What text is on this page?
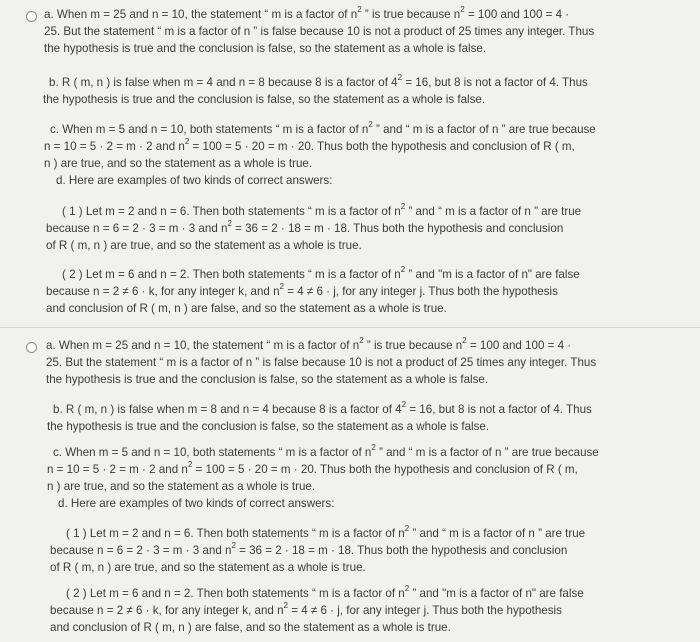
a. When m = 25 and n = 10, the statement “ m is a factor of $n^2$ ” is true because $n^2 = 100$ and 100 = 4 ·
25. But the statement “ m is a factor of n ” is false because 10 is not a product of 25 times any integer. Thus
the hypothesis is true and the conclusion is false, so the statement as a whole is false.

b. R ( m, n ) is false when m = 4 and n = 8 because 8 is a factor of $4^2 = 16$, but 8 is not a factor of 4. Thus
the hypothesis is true and the conclusion is false, so the statement as a whole is false.

c. When m = 5 and n = 10, both statements “ m is a factor of $n^2$ ” and “ m is a factor of n ” are true because
n = 10 = 5 · 2 = m · 2 and $n^2 = 100 = 5 \cdot 20 = m \cdot 20$. Thus both the hypothesis and conclusion of R ( m,
n ) are true, and so the statement as a whole is true.

d. Here are examples of two kinds of correct answers:

( 1 ) Let m = 2 and n = 6. Then both statements “ m is a factor of $n^2$ ” and “ m is a factor of n ” are true
because n = 6 = 2 · 3 = m · 3 and $n^2 = 36 = 2 \cdot 18 = m \cdot 18$. Thus both the hypothesis and conclusion
of R ( m, n ) are true, and so the statement as a whole is true.

( 2 ) Let m = 6 and n = 2. Then both statements “ m is a factor of $n^2$ ” and "m is a factor of n" are false
because n = 2 ≠ 6 · k, for any integer k, and $n^2 = 4 \ne 6 \cdot j$, for any integer j. Thus both the hypothesis
and conclusion of R ( m, n ) are false, and so the statement as a whole is true.

a. When m = 25 and n = 10, the statement “ m is a factor of $n^2$ ” is true because $n^2 = 100$ and 100 = 4 ·
25. But the statement “ m is a factor of n ” is false because 10 is not a product of 25 times any integer. Thus
the hypothesis is true and the conclusion is false, so the statement as a whole is false.

b. R ( m, n ) is false when m = 8 and n = 4 because 8 is a factor of $4^2 = 16$, but 8 is not a factor of 4. Thus
the hypothesis is true and the conclusion is false, so the statement as a whole is false.

c. When m = 5 and n = 10, both statements “ m is a factor of $n^2$ ” and “ m is a factor of n ” are true because
n = 10 = 5 · 2 = m · 2 and $n^2 = 100 = 5 \cdot 20 = m \cdot 20$. Thus both the hypothesis and conclusion of R ( m,
n ) are true, and so the statement as a whole is true.

d. Here are examples of two kinds of correct answers:

( 1 ) Let m = 2 and n = 6. Then both statements “ m is a factor of $n^2$ ” and “ m is a factor of n ” are true
because n = 6 = 2 · 3 = m · 3 and $n^2 = 36 = 2 \cdot 18 = m \cdot 18$. Thus both the hypothesis and conclusion
of R ( m, n ) are true, and so the statement as a whole is true.

( 2 ) Let m = 6 and n = 2. Then both statements “ m is a factor of $n^2$ ” and "m is a factor of n" are false
because n = 2 ≠ 6 · k, for any integer k, and $n^2 = 4 \ne 6 \cdot j$, for any integer j. Thus both the hypothesis
and conclusion of R ( m, n ) are false, and so the statement as a whole is true.
